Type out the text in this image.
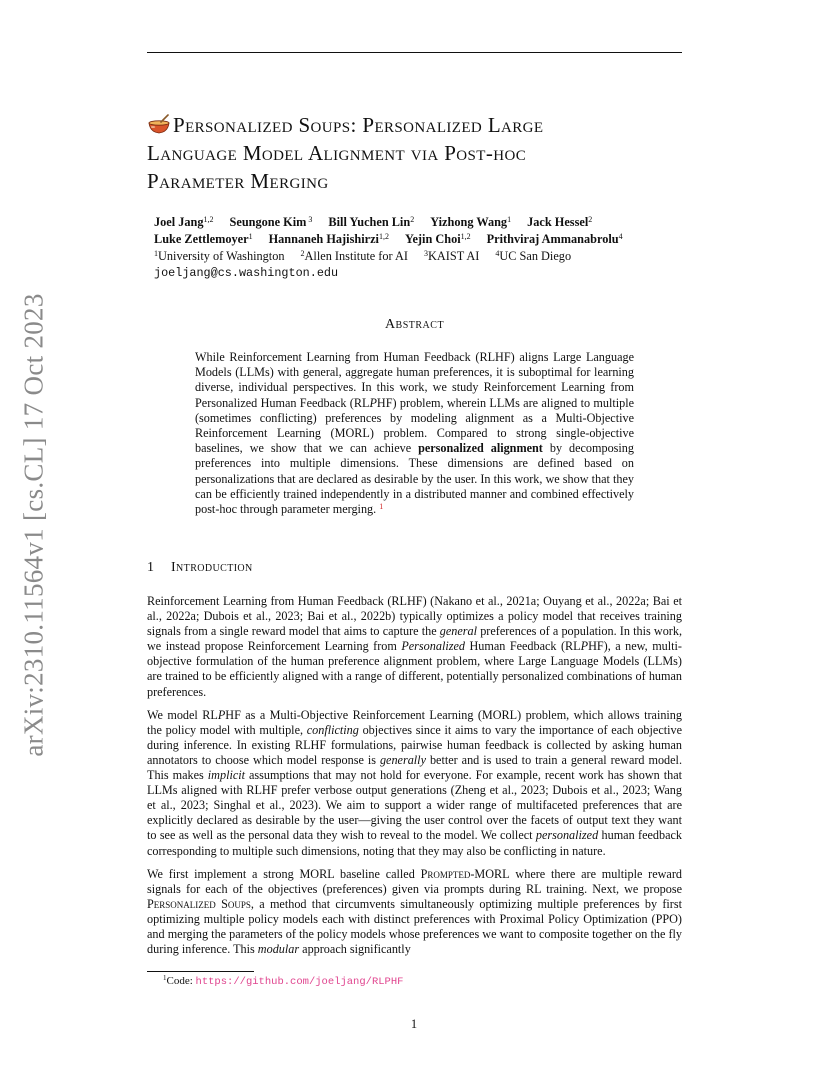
arXiv:2310.11564v1 [cs.CL] 17 Oct 2023
Personalized Soups: Personalized Large
Language Model Alignment via Post-hoc
Parameter Merging
Joel Jang$^{1,2}$ Seungone Kim $^3$ Bill Yuchen Lin$^2$ Yizhong Wang$^1$ Jack Hessel$^2$
Luke Zettlemoyer$^1$ Hannaneh Hajishirzi$^{1,2}$ Yejin Choi$^{1,2}$ Prithviraj Ammanabrolu$^4$
$^1$University of Washington $^2$Allen Institute for AI $^3$KAIST AI $^4$UC San Diego
joeljang@cs.washington.edu
Abstract
While Reinforcement Learning from Human Feedback (RLHF) aligns Large Language Models (LLMs) with general, aggregate human preferences, it is suboptimal for learning diverse, individual perspectives. In this work, we study Reinforcement Learning from Personalized Human Feedback (RLPHF) problem, wherein LLMs are aligned to multiple (sometimes conflicting) preferences by modeling alignment as a Multi-Objective Reinforcement Learning (MORL) problem. Compared to strong single-objective baselines, we show that we can achieve personalized alignment by decomposing preferences into multiple dimensions. These dimensions are defined based on personalizations that are declared as desirable by the user. In this work, we show that they can be efficiently trained independently in a distributed manner and combined effectively post-hoc through parameter merging. $^1$
1 Introduction

Reinforcement Learning from Human Feedback (RLHF) (Nakano et al., 2021a; Ouyang et al., 2022a; Bai et al., 2022a; Dubois et al., 2023; Bai et al., 2022b) typically optimizes a policy model that receives training signals from a single reward model that aims to capture the general preferences of a population. In this work, we instead propose Reinforcement Learning from Personalized Human Feedback (RLPHF), a new, multi-objective formulation of the human preference alignment problem, where Large Language Models (LLMs) are trained to be efficiently aligned with a range of different, potentially personalized combinations of human preferences.

We model RLPHF as a Multi-Objective Reinforcement Learning (MORL) problem, which allows training the policy model with multiple, conflicting objectives since it aims to vary the importance of each objective during inference. In existing RLHF formulations, pairwise human feedback is collected by asking human annotators to choose which model response is generally better and is used to train a general reward model. This makes implicit assumptions that may not hold for everyone. For example, recent work has shown that LLMs aligned with RLHF prefer verbose output generations (Zheng et al., 2023; Dubois et al., 2023; Wang et al., 2023; Singhal et al., 2023). We aim to support a wider range of multifaceted preferences that are explicitly declared as desirable by the user—giving the user control over the facets of output text they want to see as well as the personal data they wish to reveal to the model. We collect personalized human feedback corresponding to multiple such dimensions, noting that they may also be conflicting in nature.

We first implement a strong MORL baseline called Prompted-MORL where there are multiple reward signals for each of the objectives (preferences) given via prompts during RL training. Next, we propose Personalized Soups, a method that circumvents simultaneously optimizing multiple preferences by first optimizing multiple policy models each with distinct preferences with Proximal Policy Optimization (PPO) and merging the parameters of the policy models whose preferences we want to composite together on the fly during inference. This modular approach significantly

$^1$Code: https://github.com/joeljang/RLPHF
1
